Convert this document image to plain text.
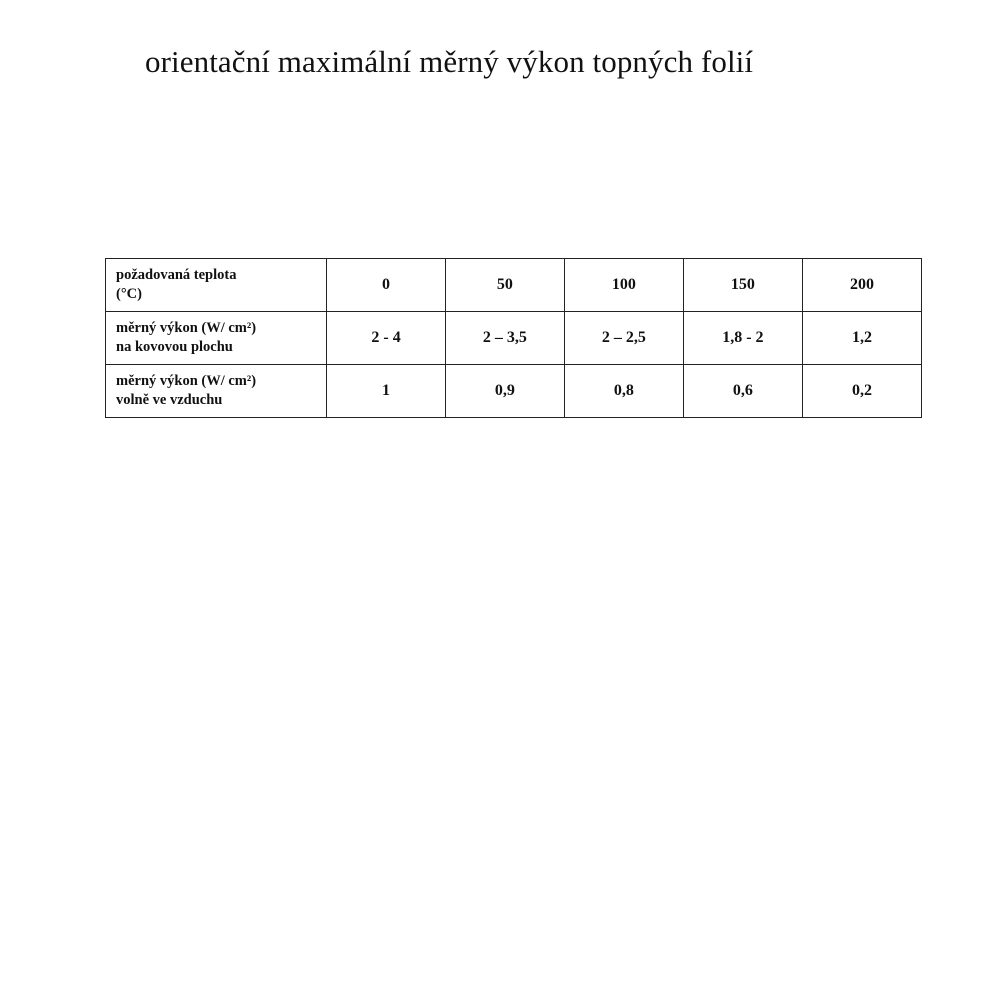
orientační maximální měrný výkon topných folií
požadovaná teplota
(°C)	0	50	100	150	200

měrný výkon (W/ cm²)
na kovovou plochu	2 - 4	2 – 3,5	2 – 2,5	1,8 - 2	1,2

měrný výkon (W/ cm²)
volně ve vzduchu	1	0,9	0,8	0,6	0,2
